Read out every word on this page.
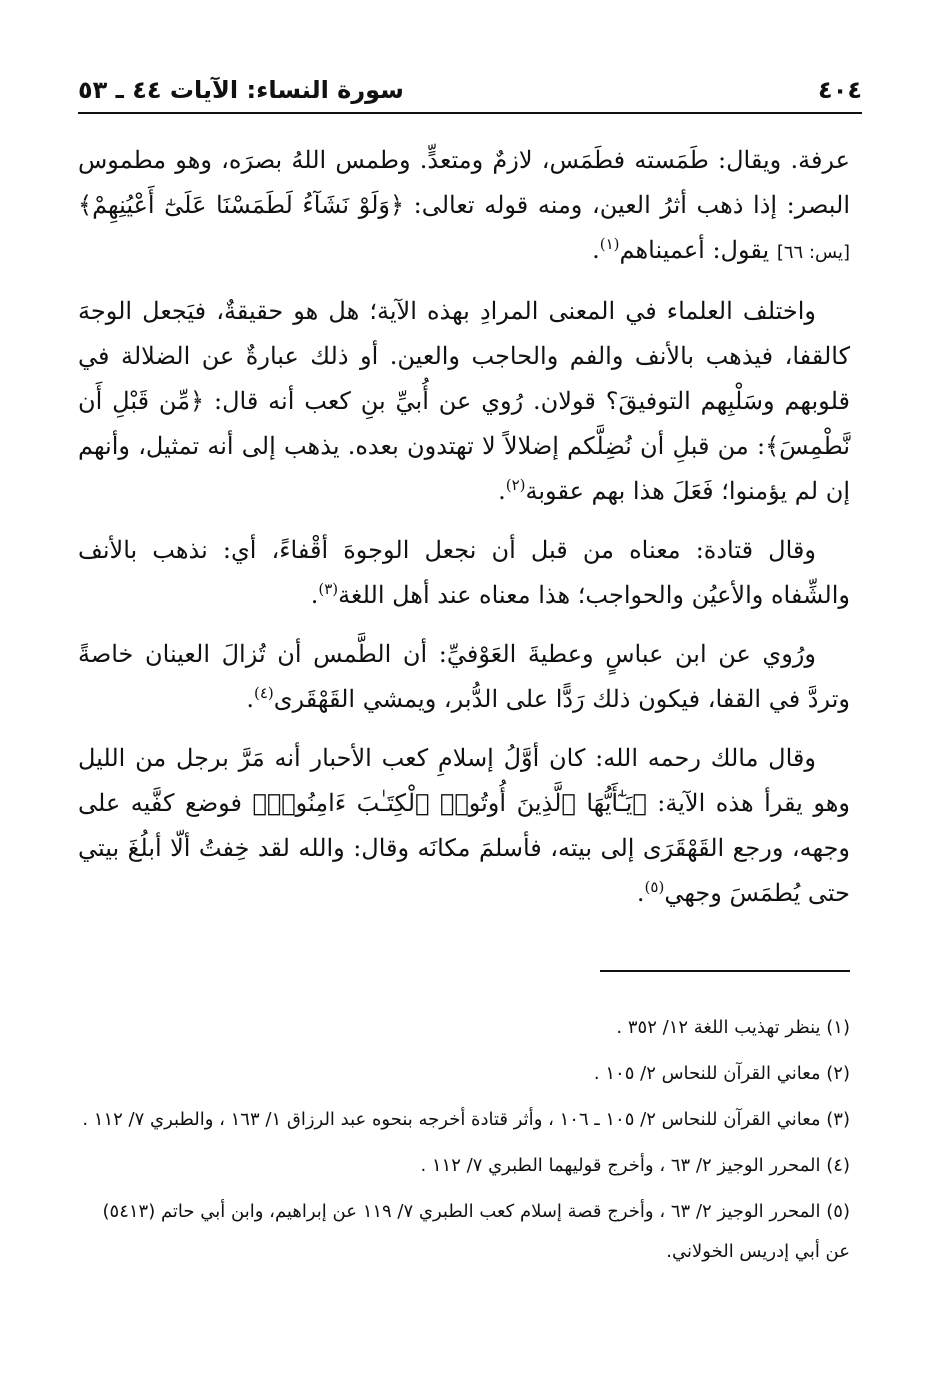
٤٠٤
سورة النساء: الآيات ٤٤ ـ ٥٣

عرفة. ويقال: طَمَسته فطَمَس، لازمٌ ومتعدٍّ. وطمس اللهُ بصرَه، وهو مطموس البصر: إذا ذهب أثرُ العين، ومنه قوله تعالى: ﴿وَلَوْ نَشَآءُ لَطَمَسْنَا عَلَىٰٓ أَعْيُنِهِمْ﴾ [يس: ٦٦] يقول: أعميناهم$^{(١)}$.

واختلف العلماء في المعنى المرادِ بهذه الآية؛ هل هو حقيقةٌ، فيَجعل الوجهَ كالقفا، فيذهب بالأنف والفم والحاجب والعين. أو ذلك عبارةٌ عن الضلالة في قلوبهم وسَلْبِهم التوفيقَ؟ قولان. رُوي عن أُبيِّ بنِ كعب أنه قال: ﴿مِّن قَبْلِ أَن نَّطْمِسَ﴾: من قبلِ أن نُضِلَّكم إضلالاً لا تهتدون بعده. يذهب إلى أنه تمثيل، وأنهم إن لم يؤمنوا؛ فَعَلَ هذا بهم عقوبة$^{(٢)}$.

وقال قتادة: معناه من قبل أن نجعل الوجوهَ أقْفاءً، أي: نذهب بالأنف والشِّفاه والأعيُن والحواجب؛ هذا معناه عند أهل اللغة$^{(٣)}$.

ورُوي عن ابن عباسٍ وعطيةَ العَوْفيِّ: أن الطَّمس أن تُزالَ العينان خاصةً وتردَّ في القفا، فيكون ذلك رَدًّا على الدُّبر، ويمشي القَهْقَرى$^{(٤)}$.

وقال مالك رحمه الله: كان أوَّلُ إسلامِ كعب الأحبار أنه مَرَّ برجل من الليل وهو يقرأ هذه الآية: ﴿يَـٰٓأَيُّهَا ٱلَّذِينَ أُوتُوا۟ ٱلْكِتَـٰبَ ءَامِنُوا۟﴾ فوضع كفَّيه على وجهه، ورجع القَهْقَرَى إلى بيته، فأسلمَ مكانَه وقال: والله لقد خِفتُ ألّا أبلُغَ بيتي حتى يُطمَسَ وجهي$^{(٥)}$.

(١) ينظر تهذيب اللغة ١٢/ ٣٥٢ .
(٢) معاني القرآن للنحاس ٢/ ١٠٥ .
(٣) معاني القرآن للنحاس ٢/ ١٠٥ ـ ١٠٦ ، وأثر قتادة أخرجه بنحوه عبد الرزاق ١/ ١٦٣ ، والطبري ٧/ ١١٢ .
(٤) المحرر الوجيز ٢/ ٦٣ ، وأخرج قوليهما الطبري ٧/ ١١٢ .
(٥) المحرر الوجيز ٢/ ٦٣ ، وأخرج قصة إسلام كعب الطبري ٧/ ١١٩ عن إبراهيم، وابن أبي حاتم (٥٤١٣) عن أبي إدريس الخولاني.
